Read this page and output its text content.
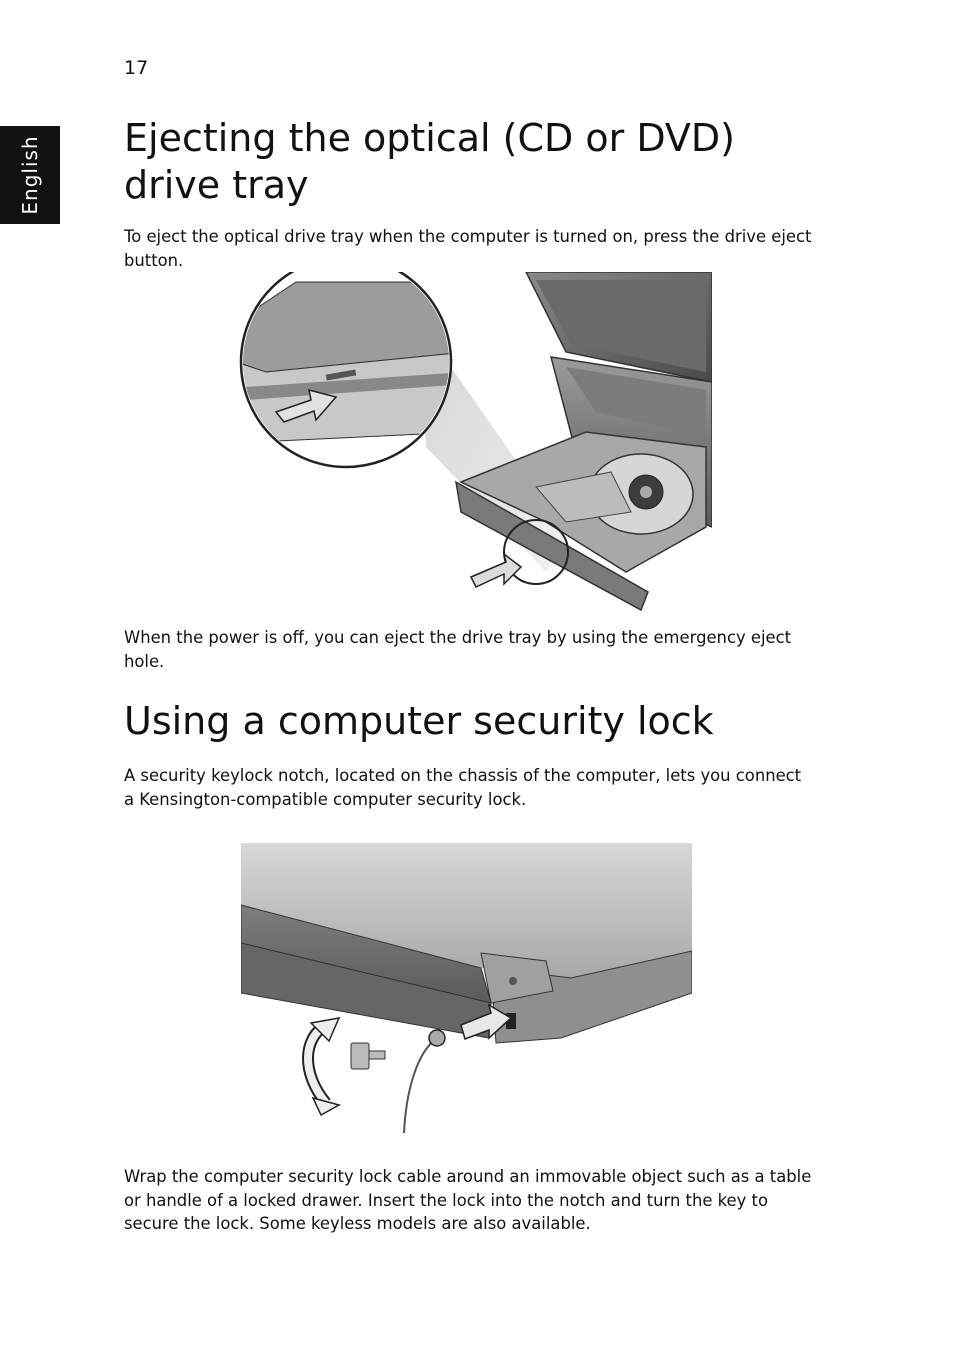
17
English Ejecting the optical (CD or DVD)
drive tray

To eject the optical drive tray when the computer is turned on, press the drive eject button.

When the power is off, you can eject the drive tray by using the emergency eject hole.

Using a computer security lock

A security keylock notch, located on the chassis of the computer, lets you connect a Kensington-compatible computer security lock.

Wrap the computer security lock cable around an immovable object such as a table or handle of a locked drawer. Insert the lock into the notch and turn the key to secure the lock. Some keyless models are also available.
